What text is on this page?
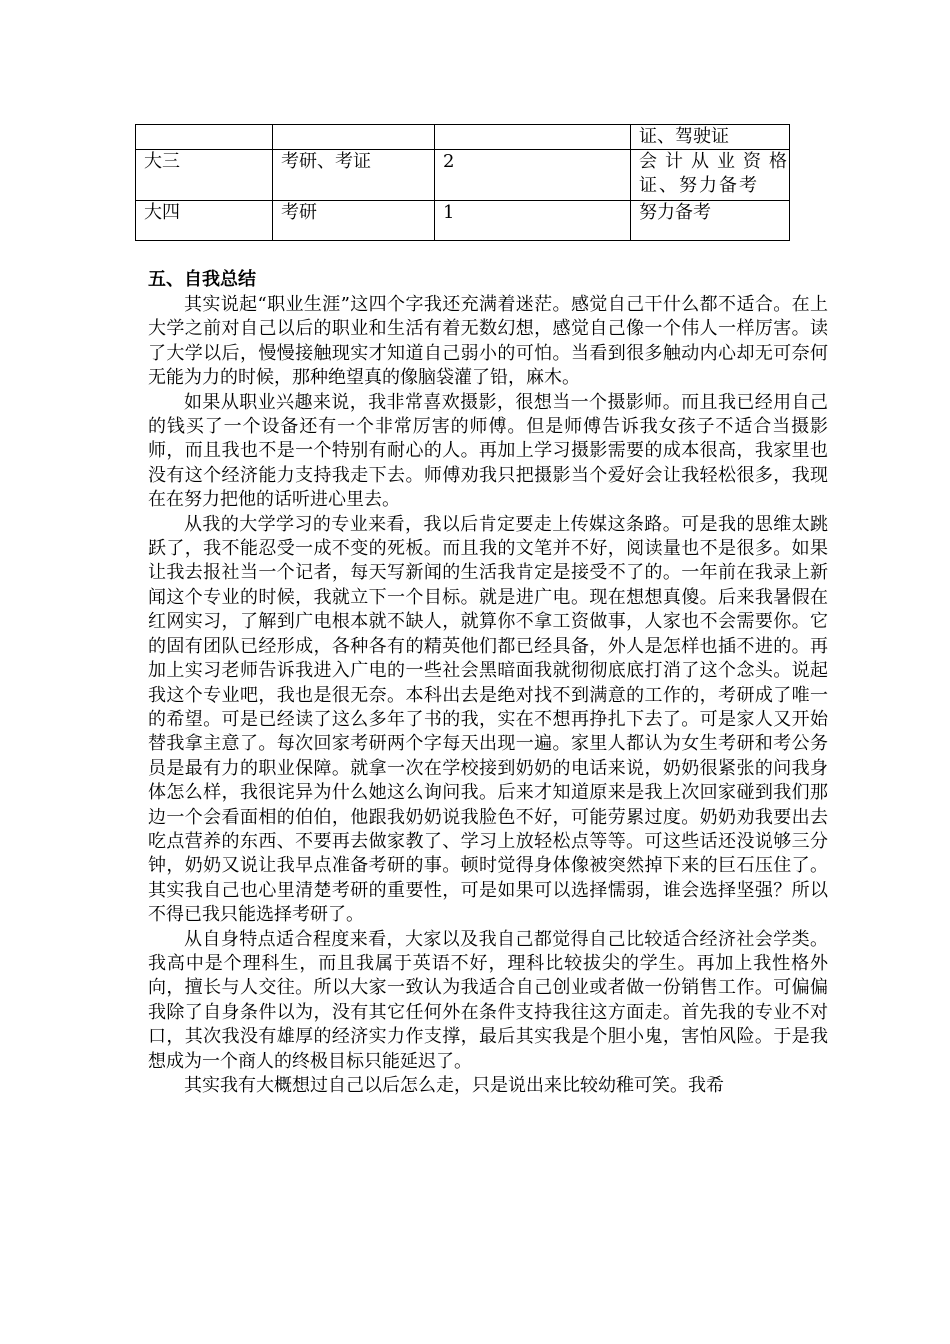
			证、驾驶证
大三	考研、考证	2	会计从业资格证、努力备考
大四	考研	1	努力备考

五、自我总结

其实说起“职业生涯”这四个字我还充满着迷茫。感觉自己干什么都不适合。在上大学之前对自己以后的职业和生活有着无数幻想，感觉自己像一个伟人一样厉害。读了大学以后，慢慢接触现实才知道自己弱小的可怕。当看到很多触动内心却无可奈何无能为力的时候，那种绝望真的像脑袋灌了铅，麻木。

如果从职业兴趣来说，我非常喜欢摄影，很想当一个摄影师。而且我已经用自己的钱买了一个设备还有一个非常厉害的师傅。但是师傅告诉我女孩子不适合当摄影师，而且我也不是一个特别有耐心的人。再加上学习摄影需要的成本很高，我家里也没有这个经济能力支持我走下去。师傅劝我只把摄影当个爱好会让我轻松很多，我现在在努力把他的话听进心里去。

从我的大学学习的专业来看，我以后肯定要走上传媒这条路。可是我的思维太跳跃了，我不能忍受一成不变的死板。而且我的文笔并不好，阅读量也不是很多。如果让我去报社当一个记者，每天写新闻的生活我肯定是接受不了的。一年前在我录上新闻这个专业的时候，我就立下一个目标。就是进广电。现在想想真傻。后来我暑假在红网实习，了解到广电根本就不缺人，就算你不拿工资做事，人家也不会需要你。它的固有团队已经形成，各种各有的精英他们都已经具备，外人是怎样也插不进的。再加上实习老师告诉我进入广电的一些社会黑暗面我就彻彻底底打消了这个念头。说起我这个专业吧，我也是很无奈。本科出去是绝对找不到满意的工作的，考研成了唯一的希望。可是已经读了这么多年了书的我，实在不想再挣扎下去了。可是家人又开始替我拿主意了。每次回家考研两个字每天出现一遍。家里人都认为女生考研和考公务员是最有力的职业保障。就拿一次在学校接到奶奶的电话来说，奶奶很紧张的问我身体怎么样，我很诧异为什么她这么询问我。后来才知道原来是我上次回家碰到我们那边一个会看面相的伯伯，他跟我奶奶说我脸色不好，可能劳累过度。奶奶劝我要出去吃点营养的东西、不要再去做家教了、学习上放轻松点等等。可这些话还没说够三分钟，奶奶又说让我早点准备考研的事。顿时觉得身体像被突然掉下来的巨石压住了。其实我自己也心里清楚考研的重要性，可是如果可以选择懦弱，谁会选择坚强？所以不得已我只能选择考研了。

从自身特点适合程度来看，大家以及我自己都觉得自己比较适合经济社会学类。我高中是个理科生，而且我属于英语不好，理科比较拔尖的学生。再加上我性格外向，擅长与人交往。所以大家一致认为我适合自己创业或者做一份销售工作。可偏偏我除了自身条件以为，没有其它任何外在条件支持我往这方面走。首先我的专业不对口，其次我没有雄厚的经济实力作支撑，最后其实我是个胆小鬼，害怕风险。于是我想成为一个商人的终极目标只能延迟了。

其实我有大概想过自己以后怎么走，只是说出来比较幼稚可笑。我希
